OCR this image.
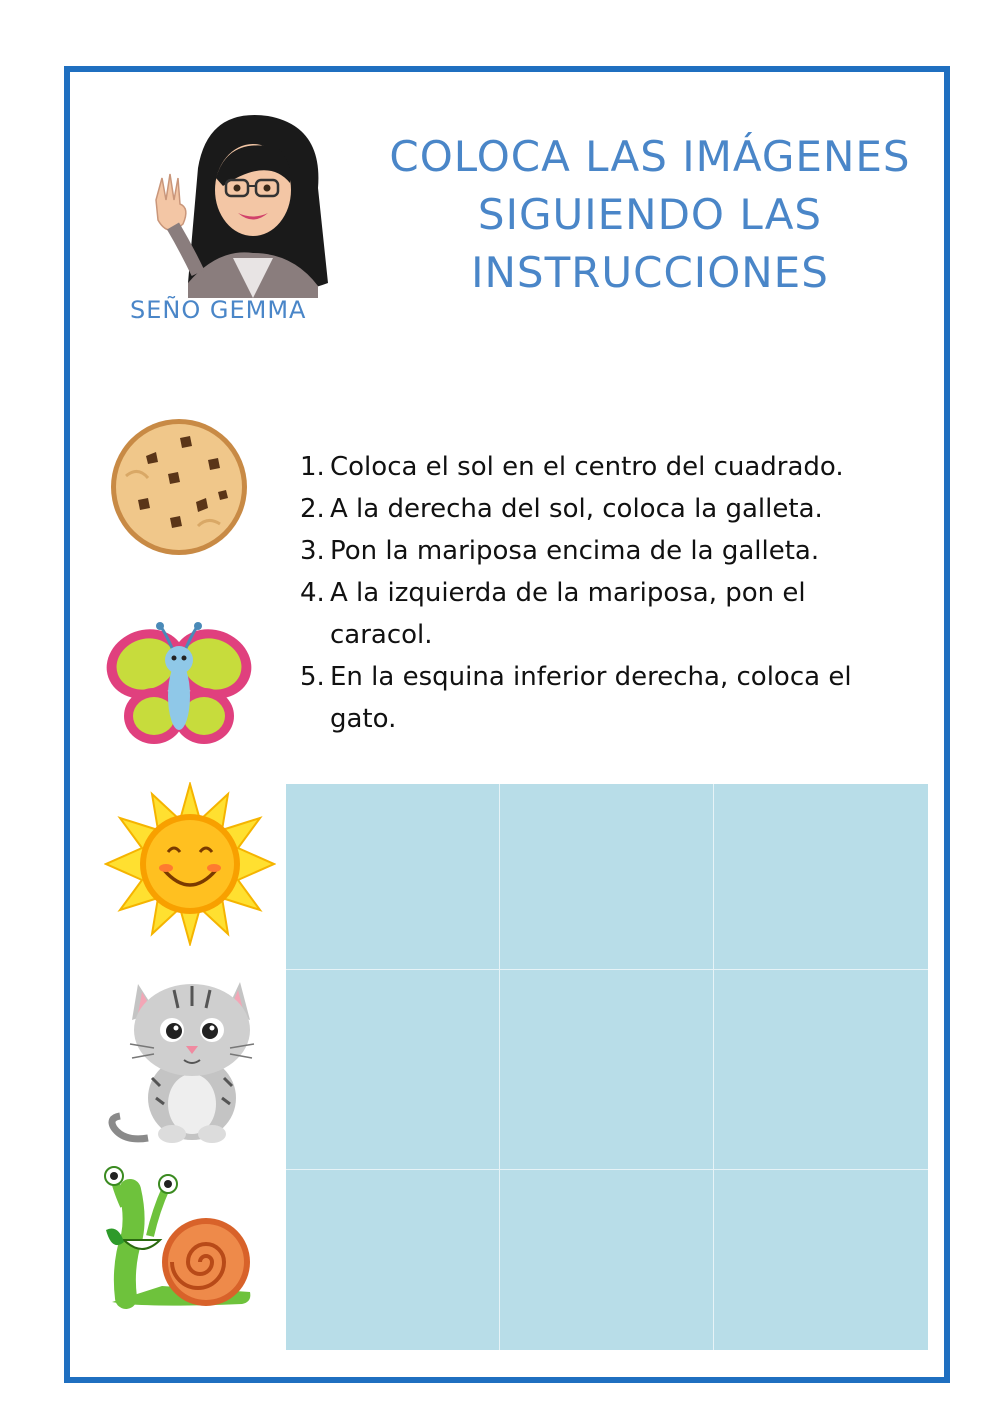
SEÑO GEMMA
COLOCA LAS IMÁGENES
SIGUIENDO LAS
INSTRUCCIONES
1. Coloca el sol en el centro del cuadrado.
2. A la derecha del sol, coloca la galleta.
3. Pon la mariposa encima de la galleta.
4. A la izquierda de la mariposa, pon el caracol.
5. En la esquina inferior derecha, coloca el gato.
